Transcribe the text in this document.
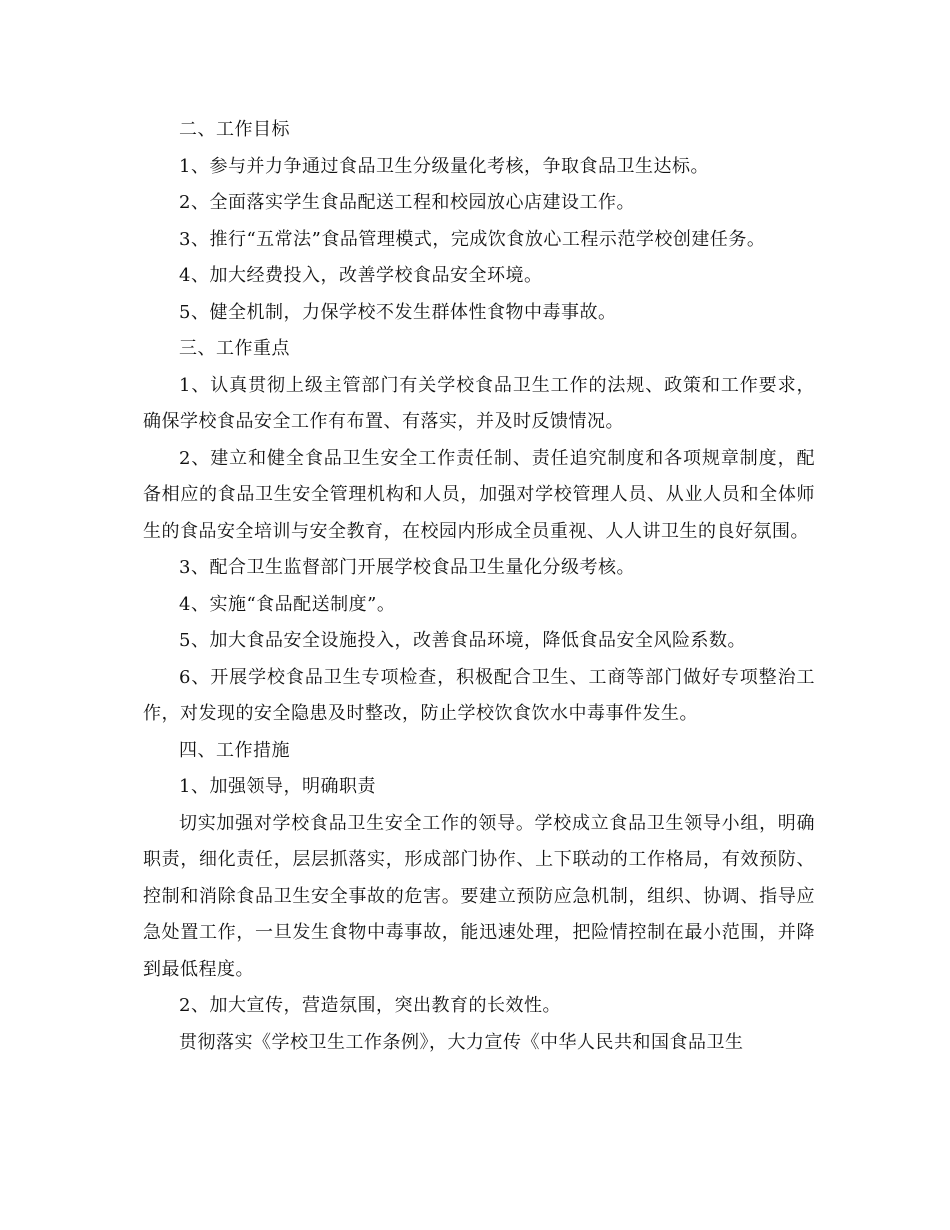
二、工作目标

1、参与并力争通过食品卫生分级量化考核，争取食品卫生达标。

2、全面落实学生食品配送工程和校园放心店建设工作。

3、推行“五常法”食品管理模式，完成饮食放心工程示范学校创建任务。

4、加大经费投入，改善学校食品安全环境。

5、健全机制，力保学校不发生群体性食物中毒事故。

三、工作重点

1、认真贯彻上级主管部门有关学校食品卫生工作的法规、政策和工作要求，确保学校食品安全工作有布置、有落实，并及时反馈情况。

2、建立和健全食品卫生安全工作责任制、责任追究制度和各项规章制度，配备相应的食品卫生安全管理机构和人员，加强对学校管理人员、从业人员和全体师生的食品安全培训与安全教育，在校园内形成全员重视、人人讲卫生的良好氛围。

3、配合卫生监督部门开展学校食品卫生量化分级考核。

4、实施“食品配送制度”。

5、加大食品安全设施投入，改善食品环境，降低食品安全风险系数。

6、开展学校食品卫生专项检查，积极配合卫生、工商等部门做好专项整治工作，对发现的安全隐患及时整改，防止学校饮食饮水中毒事件发生。

四、工作措施

1、加强领导，明确职责

切实加强对学校食品卫生安全工作的领导。学校成立食品卫生领导小组，明确职责，细化责任，层层抓落实，形成部门协作、上下联动的工作格局，有效预防、控制和消除食品卫生安全事故的危害。要建立预防应急机制，组织、协调、指导应急处置工作，一旦发生食物中毒事故，能迅速处理，把险情控制在最小范围，并降到最低程度。

2、加大宣传，营造氛围，突出教育的长效性。

贯彻落实《学校卫生工作条例》，大力宣传《中华人民共和国食品卫生
